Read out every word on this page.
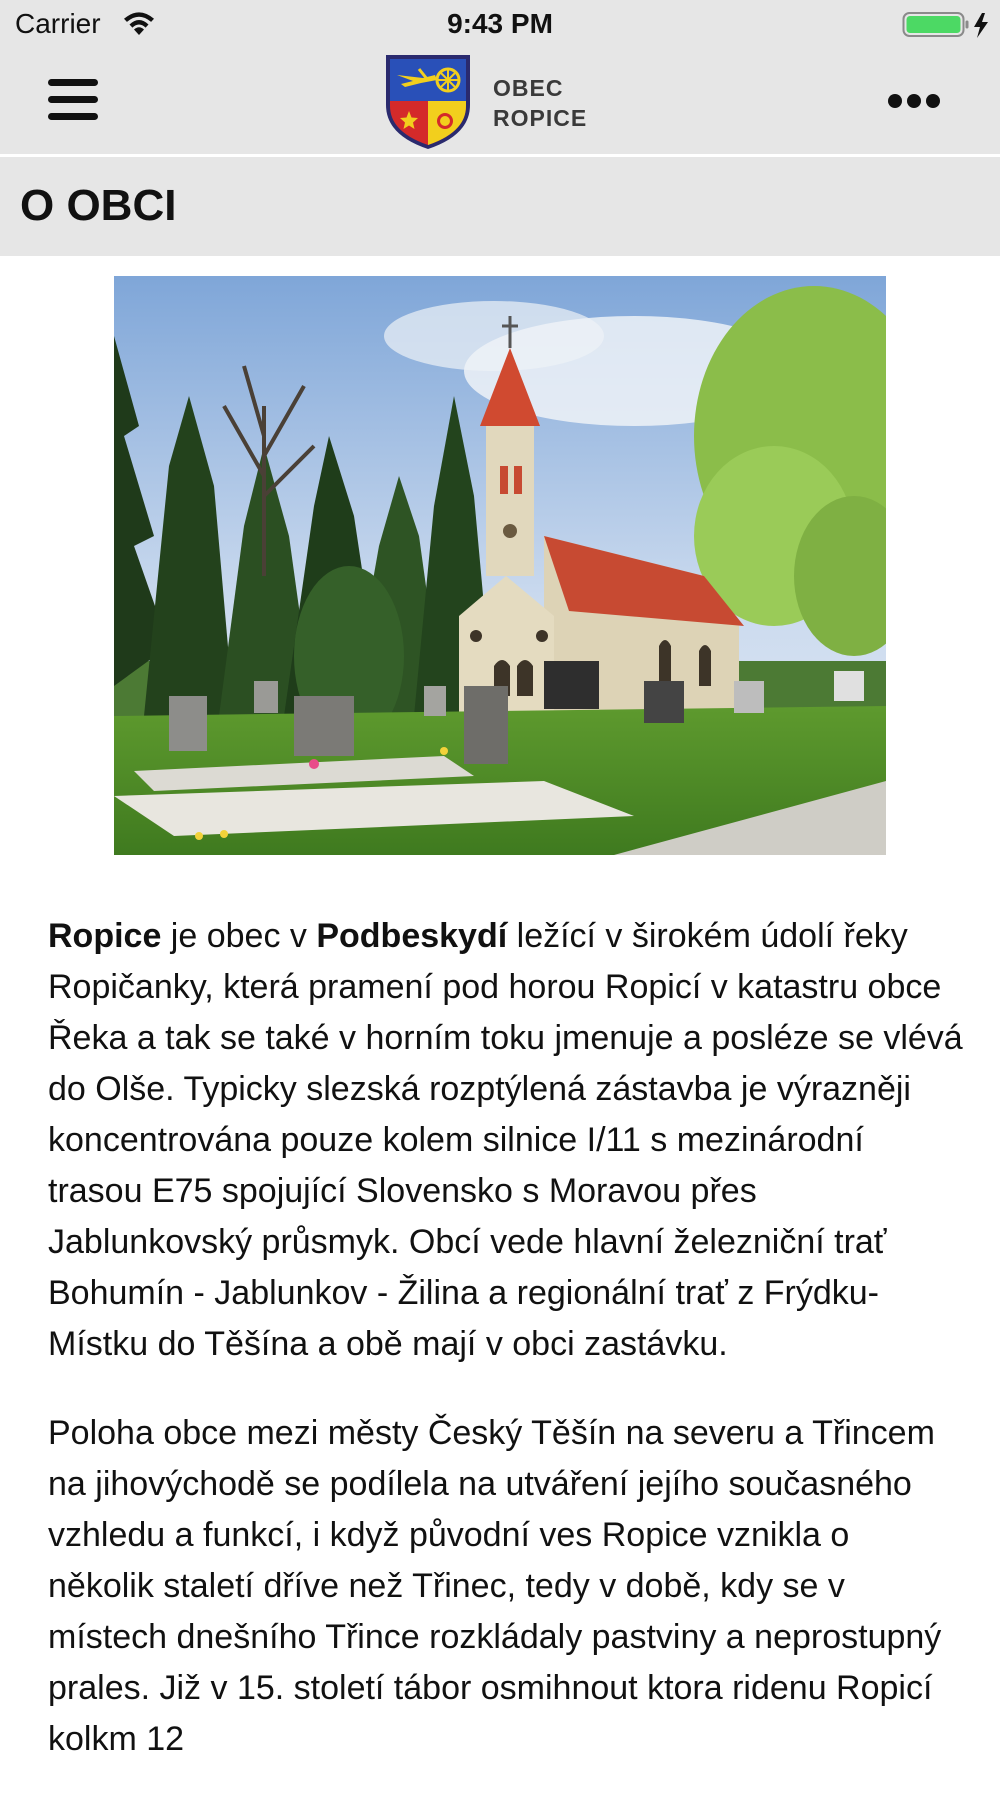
Carrier	9:43 PM
OBEC
ROPICE
O OBCI

Ropice je obec v Podbeskydí ležící v širokém údolí řeky Ropičanky, která pramení pod horou Ropicí v katastru obce Řeka a tak se také v horním toku jmenuje a posléze se vlévá do Olše. Typicky slezská rozptýlená zástavba je výrazněji koncentrována pouze kolem silnice I/11 s mezinárodní trasou E75 spojující Slovensko s Moravou přes Jablunkovský průsmyk. Obcí vede hlavní železniční trať Bohumín - Jablunkov - Žilina a regionální trať z Frýdku-Místku do Těšína a obě mají v obci zastávku.

Poloha obce mezi městy Český Těšín na severu a Třincem na jihovýchodě se podílela na utváření jejího současného vzhledu a funkcí, i když původní ves Ropice vznikla o několik staletí dříve než Třinec, tedy v době, kdy se v místech dnešního Třince rozkládaly pastviny a neprostupný prales. Již v 15. století tábor osmihnout ktora ridenu Ropicí kolkm 12
